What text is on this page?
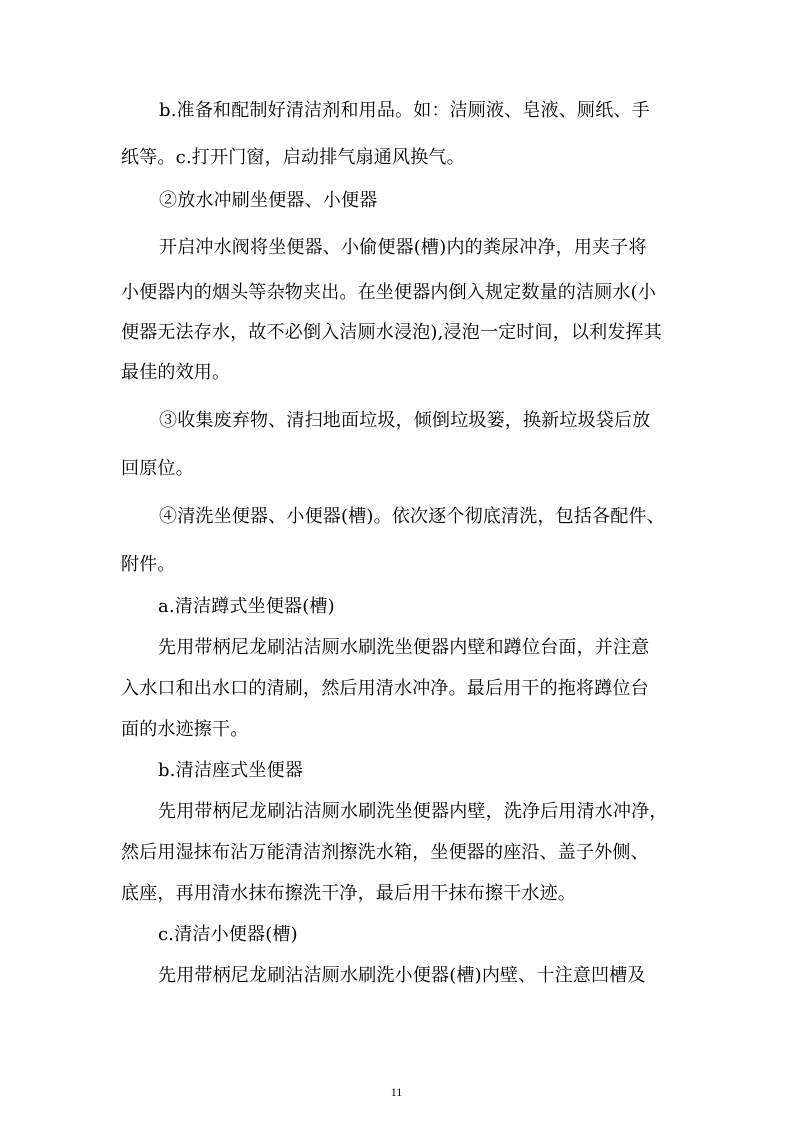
b.准备和配制好清洁剂和用品。如：洁厕液、皂液、厕纸、手
纸等。c.打开门窗，启动排气扇通风换气。
②放水冲刷坐便器、小便器
开启冲水阀将坐便器、小偷便器(槽)内的粪尿冲净，用夹子将
小便器内的烟头等杂物夹出。在坐便器内倒入规定数量的洁厕水(小
便器无法存水，故不必倒入洁厕水浸泡),浸泡一定时间，以利发挥其
最佳的效用。
③收集废弃物、清扫地面垃圾，倾倒垃圾篓，换新垃圾袋后放
回原位。
④清洗坐便器、小便器(槽)。依次逐个彻底清洗，包括各配件、
附件。
a.清洁蹲式坐便器(槽)
先用带柄尼龙刷沾洁厕水刷洗坐便器内壁和蹲位台面，并注意
入水口和出水口的清刷，然后用清水冲净。最后用干的拖将蹲位台
面的水迹擦干。
b.清洁座式坐便器
先用带柄尼龙刷沾洁厕水刷洗坐便器内壁，洗净后用清水冲净，
然后用湿抹布沾万能清洁剂擦洗水箱，坐便器的座沿、盖子外侧、
底座，再用清水抹布擦洗干净，最后用干抹布擦干水迹。
c.清洁小便器(槽)
先用带柄尼龙刷沾洁厕水刷洗小便器(槽)内壁、十注意凹槽及
11
